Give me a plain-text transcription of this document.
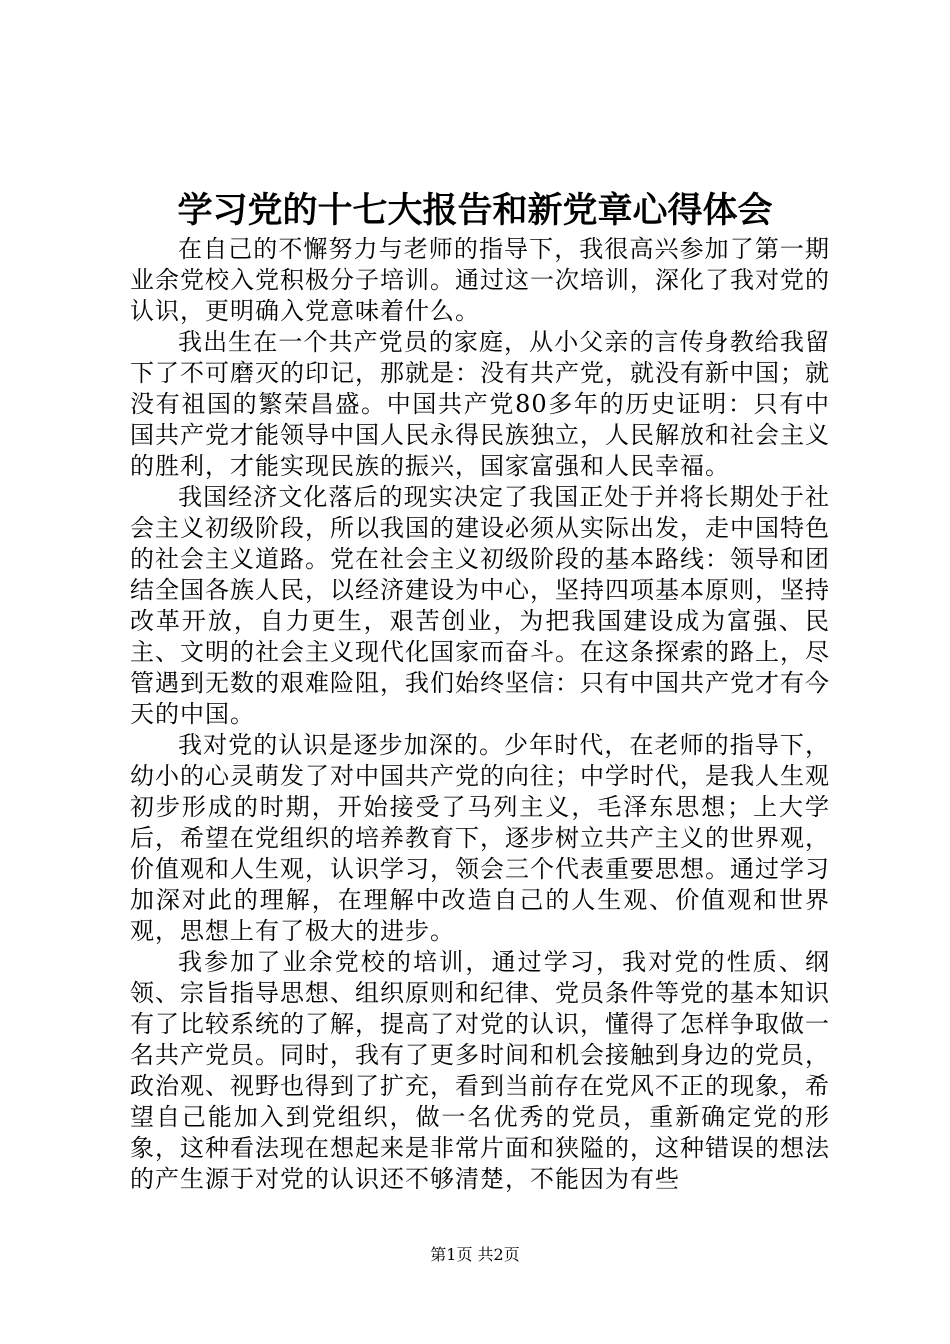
学习党的十七大报告和新党章心得体会

在自己的不懈努力与老师的指导下，我很高兴参加了第一期业余党校入党积极分子培训。通过这一次培训，深化了我对党的认识，更明确入党意味着什么。

我出生在一个共产党员的家庭，从小父亲的言传身教给我留下了不可磨灭的印记，那就是：没有共产党，就没有新中国；就没有祖国的繁荣昌盛。中国共产党80多年的历史证明：只有中国共产党才能领导中国人民永得民族独立，人民解放和社会主义的胜利，才能实现民族的振兴，国家富强和人民幸福。

我国经济文化落后的现实决定了我国正处于并将长期处于社会主义初级阶段，所以我国的建设必须从实际出发，走中国特色的社会主义道路。党在社会主义初级阶段的基本路线：领导和团结全国各族人民，以经济建设为中心，坚持四项基本原则，坚持改革开放，自力更生，艰苦创业，为把我国建设成为富强、民主、文明的社会主义现代化国家而奋斗。在这条探索的路上，尽管遇到无数的艰难险阻，我们始终坚信：只有中国共产党才有今天的中国。

我对党的认识是逐步加深的。少年时代，在老师的指导下，幼小的心灵萌发了对中国共产党的向往；中学时代，是我人生观初步形成的时期，开始接受了马列主义，毛泽东思想；上大学后，希望在党组织的培养教育下，逐步树立共产主义的世界观，价值观和人生观，认识学习，领会三个代表重要思想。通过学习加深对此的理解，在理解中改造自己的人生观、价值观和世界观，思想上有了极大的进步。

我参加了业余党校的培训，通过学习，我对党的性质、纲领、宗旨指导思想、组织原则和纪律、党员条件等党的基本知识有了比较系统的了解，提高了对党的认识，懂得了怎样争取做一名共产党员。同时，我有了更多时间和机会接触到身边的党员，政治观、视野也得到了扩充，看到当前存在党风不正的现象，希望自己能加入到党组织，做一名优秀的党员，重新确定党的形象，这种看法现在想起来是非常片面和狭隘的，这种错误的想法的产生源于对党的认识还不够清楚，不能因为有些

第1页 共2页
